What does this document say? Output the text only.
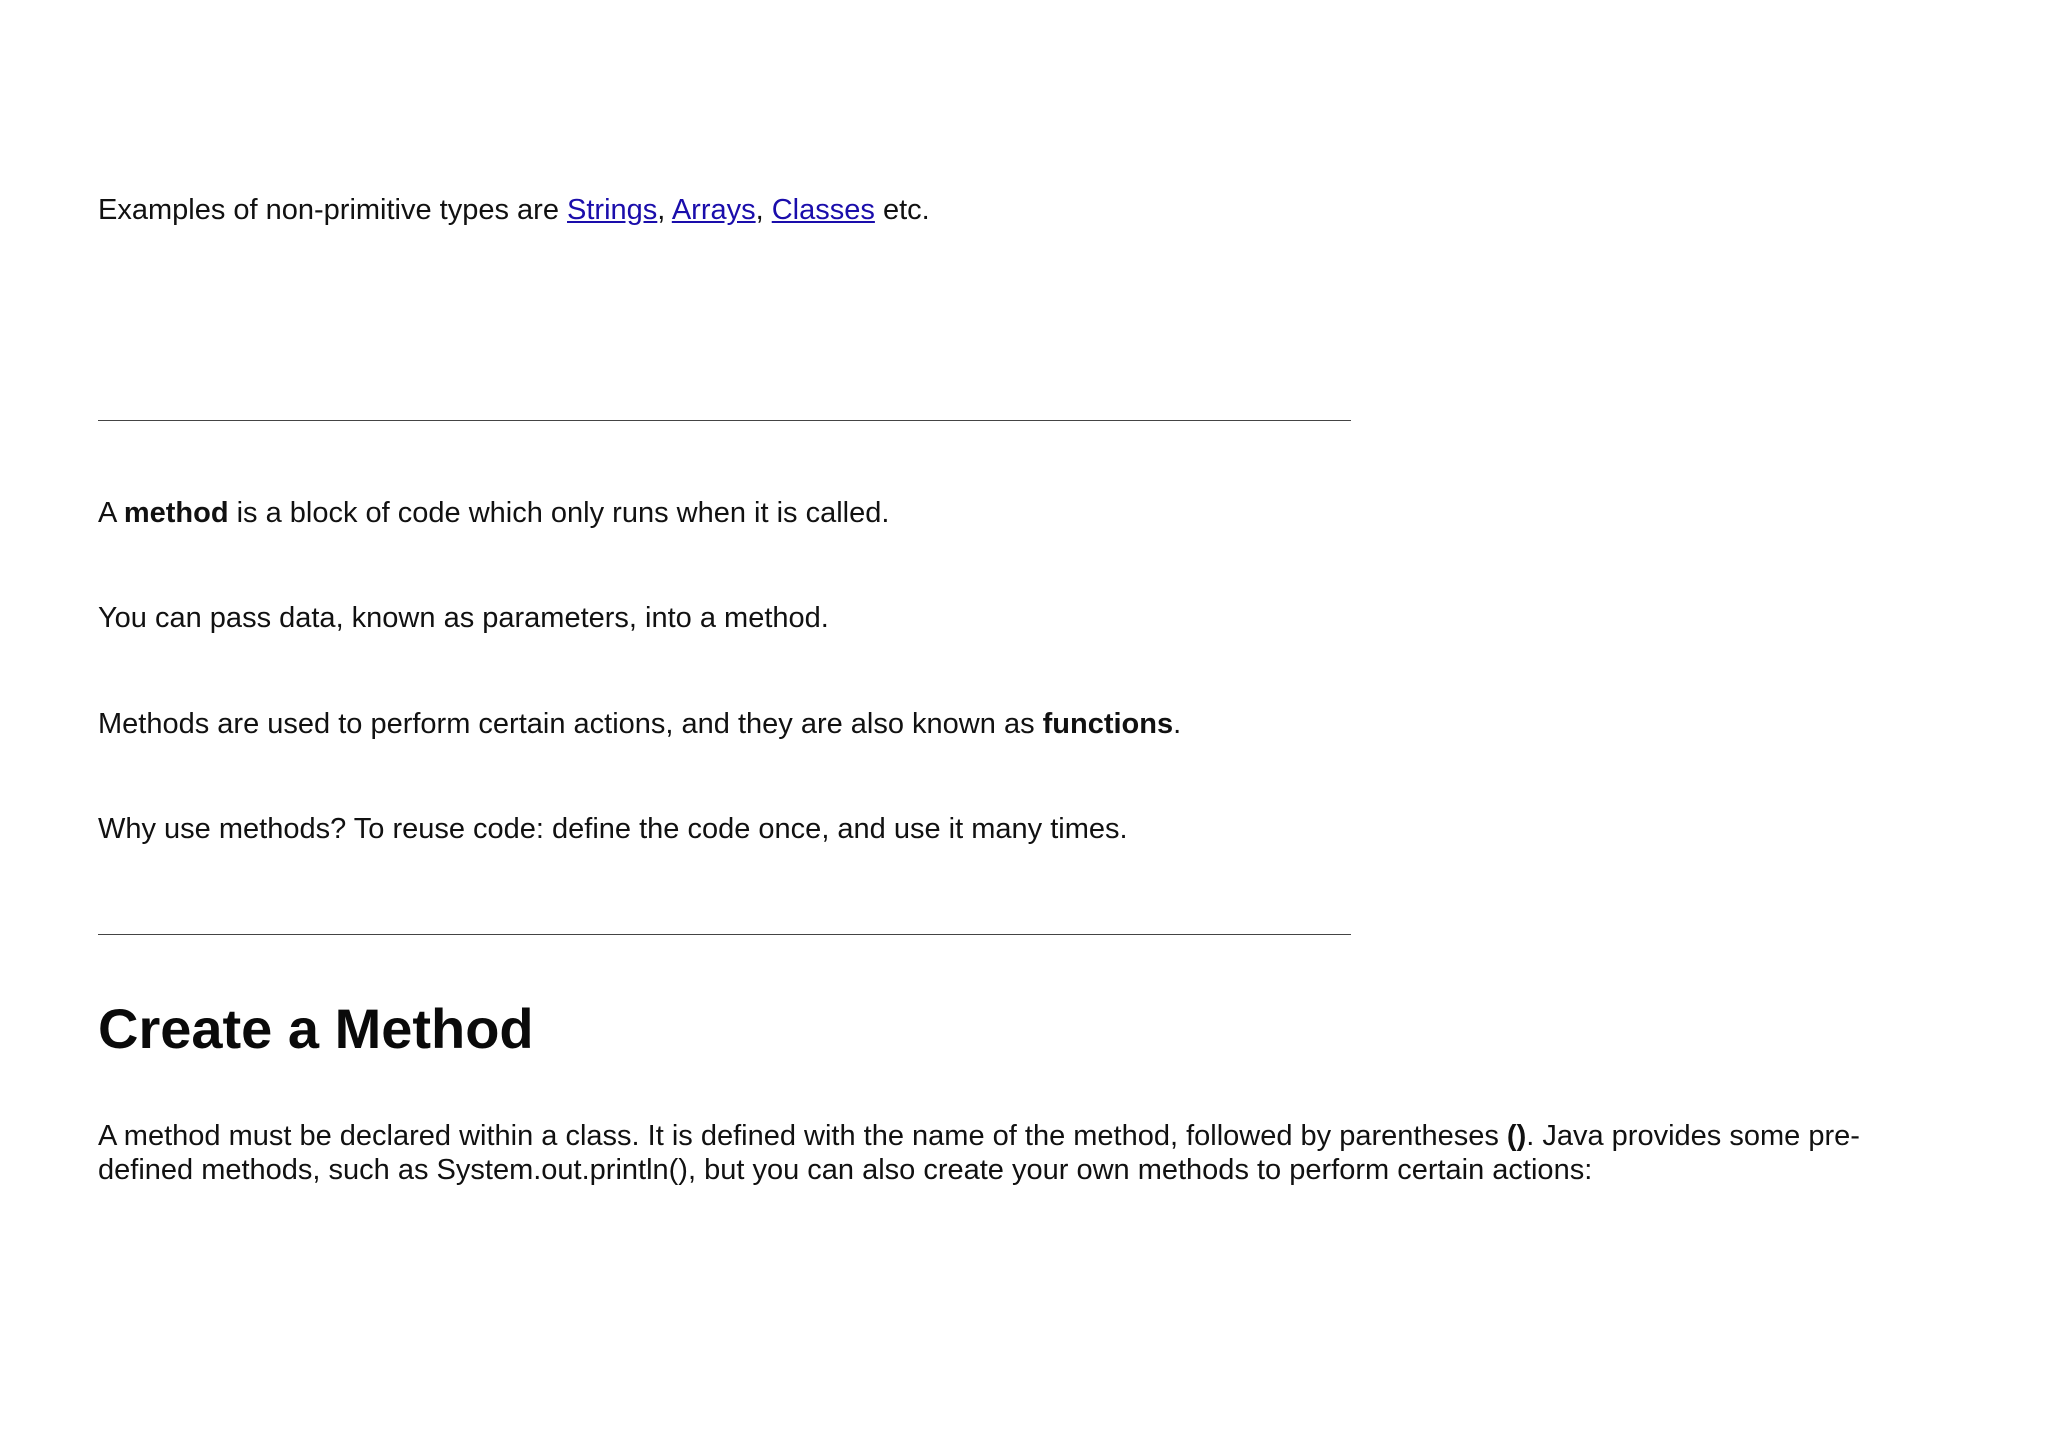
Examples of non-primitive types are Strings, Arrays, Classes etc.

A method is a block of code which only runs when it is called.

You can pass data, known as parameters, into a method.

Methods are used to perform certain actions, and they are also known as functions.

Why use methods? To reuse code: define the code once, and use it many times.

Create a Method

A method must be declared within a class. It is defined with the name of the method, followed by parentheses (). Java provides some pre-defined methods, such as System.out.println(), but you can also create your own methods to perform certain actions:
